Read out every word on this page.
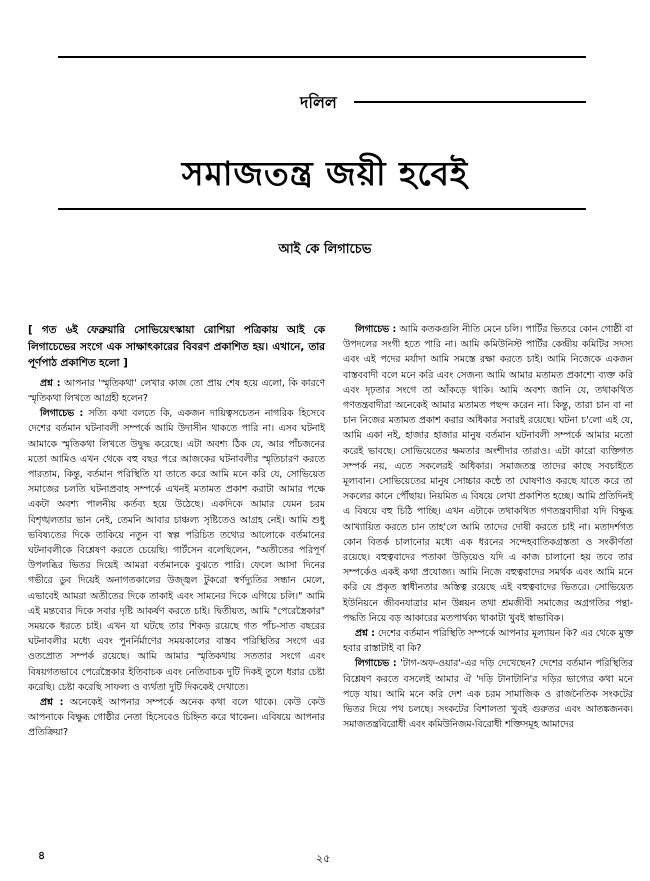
দলিল
সমাজতন্ত্র জয়ী হবেই
আই কে লিগাচেভ

[ গত ৬ই ফেব্রুয়ারি সোভিয়েৎস্কায়া রোশিয়া পত্রিকায় আই কে লিগাচেভের সংগে এক সাক্ষাৎকারের বিবরণ প্রকাশিত হয়। এখানে, তার পূর্ণপাঠ প্রকাশিত হলো ]

প্রশ্ন : আপনার 'স্মৃতিকথা' লেখার কাজ তো প্রায় শেষ হয়ে এলো, কি কারণে স্মৃতিকথা লিখতে আগ্রহী হলেন?

লিগাচেভ : সত্যি কথা বলতে কি, একজন দায়িত্বসচেতন নাগরিক হিসেবে দেশের বর্তমান ঘটনাবলী সম্পর্কে আমি উদাসীন থাকতে পারি না। এসব ঘটনাই আমাকে স্মৃতিকথা লিখতে উদ্বুদ্ধ করেছে। এটা অবশ্য ঠিক যে, আর পাঁচজনের মতো আমিও এখন থেকে বহু বছর পরে আজকের ঘটনাবলীর স্মৃতিচারণ করতে পারতাম, কিন্তু, বর্তমান পরিস্থিতি যা তাতে করে আমি মনে করি যে, সোভিয়েত সমাজের চলতি ঘটনাপ্রবাহ সম্পর্কে এখনই মতামত প্রকাশ করাটা আমার পক্ষে একটা অবশ্য পালনীয় কর্তব্য হয়ে উঠেছে। একদিকে আমার যেমন চরম বিশৃঙ্খলতার ভান নেই, তেমনি আবার চাঞ্চল্য সৃষ্টিতেও আগ্রহ নেই। আমি শুধু ভবিষ্যতের দিকে তাকিয়ে নতুন বা স্বল্প পরিচিত তথ্যের আলোকে বর্তমানের ঘটনাবলীকে বিশ্লেষণ করতে চেয়েছি। গার্টসেন বলেছিলেন, "অতীতের পরিপূর্ণ উপলব্ধির ভিতর দিয়েই আমরা বর্তমানকে বুঝতে পারি। ফেলে আসা দিনের গভীরে ডুব দিয়েই অনাগতকালের উজ্জ্বল টুকরো স্বর্ণদ্যুতির সন্ধান মেলে, এভাবেই আমরা অতীতের দিকে তাকাই এবং সামনের দিকে এগিয়ে চলি।" আমি এই মন্তব্যের দিকে সবার দৃষ্টি আকর্ষণ করতে চাই। দ্বিতীয়ত, আমি "পেরেস্ত্রৈকার" সময়কে ধরতে চাই। এখন যা ঘটছে তার শিকড় রয়েছে গত পাঁচ-সাত বছরের ঘটনাবলীর মধ্যে এবং পুনর্নির্মাণের সময়কালের বাস্তব পরিস্থিতির সংগে এর ওতপ্রোত সম্পর্ক রয়েছে। আমি আমার স্মৃতিকথায় সততার সংগে এবং বিষয়গতভাবে পেরেস্ত্রৈকার ইতিবাচক এবং নেতিবাচক দুটি দিকই তুলে ধরার চেষ্টা করেছি। চেষ্টা করেছি সাফল্য ও ব্যর্থতা দুটি দিককেই দেখাতে।

প্রশ্ন : অনেকেই আপনার সম্পর্কে অনেক কথা বলে থাকে। কেউ কেউ আপনাকে বিক্ষুব্ধ গোষ্ঠীর নেতা হিসেবেও চিহ্নিত করে থাকেন। এবিষয়ে আপনার প্রতিক্রিয়া?

লিগাচেভ : আমি কতকগুলি নীতি মেনে চলি। পার্টির ভিতরে কোন গোষ্ঠী বা উপদলের সংগী হতে পারি না। আমি কমিউনিস্ট পার্টির কেন্দ্রীয় কমিটির সদস্য এবং এই পদের মর্যাদা আমি সমস্তে রক্ষা করতে চাই। আমি নিজেকে একজন বাস্তববাদী বলে মনে করি এবং সেজন্য আমি আমার মতামত প্রকাশ্যে ব্যক্ত করি এবং দৃঢ়তার সংগে তা আঁকড়ে থাকি। আমি অবশ্য জানি যে, তথাকথিত গণতন্ত্রবাদীরা অনেকেই আমার মতামত পছন্দ করেন না। কিন্তু, তারা চান বা না চান নিজের মতামত প্রকাশ করার অধিকার সবারই রয়েছে। ঘটনা চ'লো এই যে, আমি একা নই, হাজার হাজার মানুষ বর্তমান ঘটনাবলী সম্পর্কে আমার মতো করেই ভাবছে। সোভিয়েতের ক্ষমতার অংশীদার তারাও। এটা কারো ব্যক্তিগত সম্পর্ক নয়, এতে সকলেরই অধিকার। সমাজতন্ত্র তাদের কাছে সবচাইতে মূল্যবান। সোভিয়েতের মানুষ সোচ্চার কন্ঠে তা ঘোষণাও করছে যাতে করে তা সকলের কানে পৌঁছায়। নিয়মিত এ বিষয়ে লেখা প্রকাশিত হচ্ছে। আমি প্রতিদিনই এ বিষয়ে বহু চিঠি পাচ্ছি। এখন এটাকে তথাকথিত গণতন্ত্রবাদীরা যদি বিক্ষুব্ধ আখ্যায়িত করতে চান তাহ'লে আমি তাদের দোষী করতে চাই না। মতাদর্শগত কোন বিতর্ক চালানোর মধ্যে এক ধরনের সন্দেহবাতিকগ্রস্ততা ও সংকীর্ণতা রয়েছে। বহুত্ববাদের পতাকা উড়িয়েও যদি এ কাজ চালানো হয় তবে তার সম্পর্কেও একই কথা প্রযোজ্য। আমি নিজে বহুত্ববাদের সমর্থক এবং আমি মনে করি যে প্রকৃত স্বাধীনতার অস্তিত্ব রয়েছে এই বহুত্ববাদের ভিতরে। সোভিয়েত ইউনিয়নে জীবনযাত্রার মান উন্নয়ন তথা শ্রমজীবী সমাজের অগ্রগতির পন্থা-পদ্ধতি নিয়ে বড় আকারের মতপার্থক্য থাকাটা খুবই স্বাভাবিক।

প্রশ্ন : দেশের বর্তমান পরিস্থিতি সম্পর্কে আপনার মূল্যায়ন কি? এর থেকে মুক্ত হবার রাস্তাটাই বা কি?

লিগাচেভ : 'টাগ-অফ-ওয়ার'-এর দড়ি দেখেছেন? দেশের বর্তমান পরিস্থিতির বিশ্লেষণ করতে বসলেই আমার ঐ 'দড়ি টানাটানি'র দড়ির ভাগ্যের কথা মনে পড়ে যায়। আমি মনে করি দেশ এক চরম সামাজিক ও রাজনৈতিক সংকটের ভিতর দিয়ে পথ চলছে। সংকটের বিশালতা খুবই গুরুতর এবং আতঙ্কজনক। সমাজতন্ত্রবিরোধী এবং কমিউনিজম-বিরোধী শক্তিসমূহ আমাদের

৪	২৫
